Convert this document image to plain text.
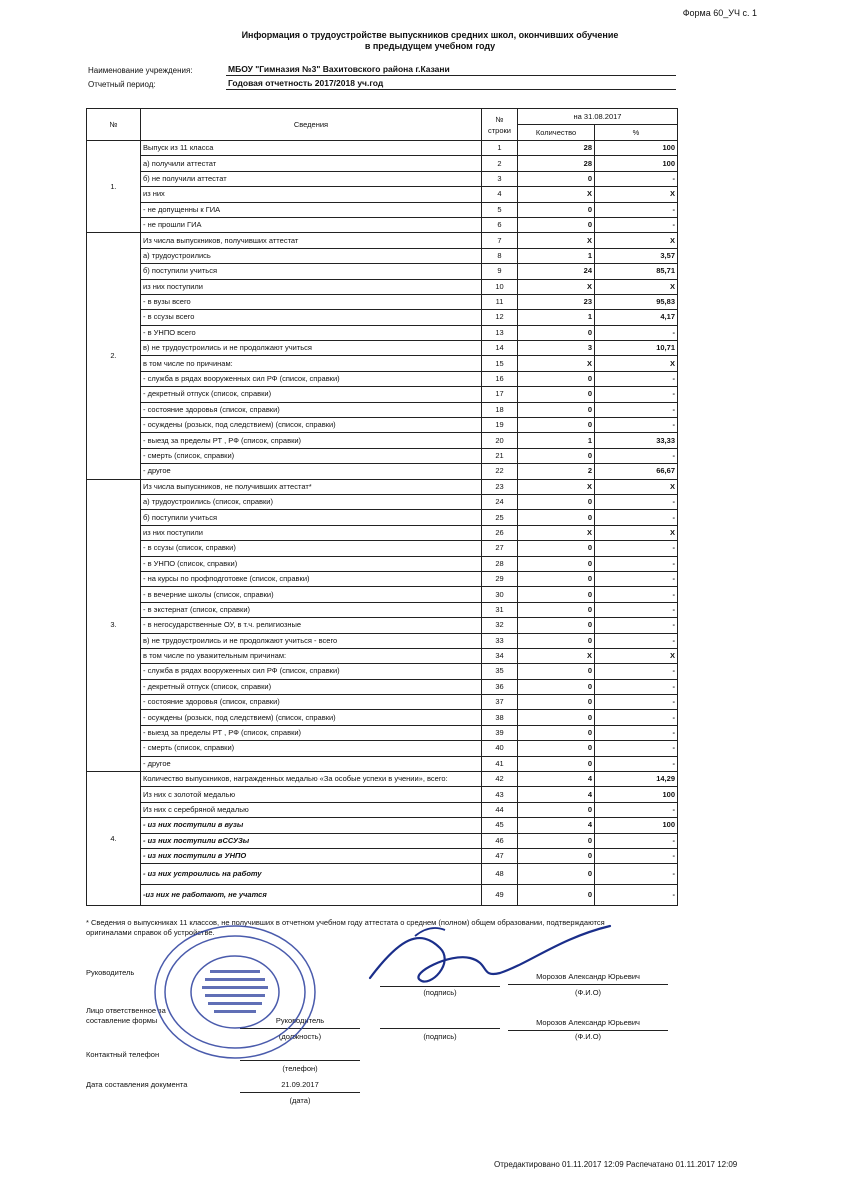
Форма 60_УЧ с. 1
Информация о трудоустройстве выпускников средних школ, окончивших обучение
в предыдущем учебном году
Наименование учреждения:	МБОУ "Гимназия №3" Вахитовского района г.Казани
Отчетный период:	Годовая отчетность 2017/2018 уч.год
№	Сведения	№
строки	на 31.08.2017	
			Количество	%
1.	Выпуск из 11 класса	1	28	100
	а) получили аттестат	2	28	100
	б) не получили аттестат	3	0	-
	из них	4	X	X
	- не допущенны к ГИА	5	0	-
	- не прошли ГИА	6	0	-
2.	Из числа выпускников, получивших аттестат	7	X	X
	а) трудоустроились	8	1	3,57
	б) поступили учиться	9	24	85,71
	из них поступили	10	X	X
	- в вузы всего	11	23	95,83
	- в ссузы всего	12	1	4,17
	- в УНПО всего	13	0	-
	в) не трудоустроились и не продолжают учиться	14	3	10,71
	в том числе по причинам:	15	X	X
	- служба в рядах вооруженных сил РФ (список, справки)	16	0	-
	- декретный отпуск (список, справки)	17	0	-
	- состояние здоровья (список, справки)	18	0	-
	- осуждены (розыск, под следствием) (список, справки)	19	0	-
	- выезд за пределы РТ , РФ (список, справки)	20	1	33,33
	- смерть (список, справки)	21	0	-
	- другое	22	2	66,67
3.	Из числа выпускников, не получивших аттестат*	23	X	X
	а) трудоустроились (список, справки)	24	0	-
	б) поступили учиться	25	0	-
	из них поступили	26	X	X
	- в ссузы (список, справки)	27	0	-
	- в УНПО (список, справки)	28	0	-
	- на курсы по профподготовке (список, справки)	29	0	-
	- в вечерние школы (список, справки)	30	0	-
	- в экстернат (список, справки)	31	0	-
	- в негосударственные ОУ, в т.ч. религиозные	32	0	-
	в) не трудоустроились и не продолжают учиться - всего	33	0	-
	в том числе по уважительным причинам:	34	X	X
	- служба в рядах вооруженных сил РФ (список, справки)	35	0	-
	- декретный отпуск (список, справки)	36	0	-
	- состояние здоровья (список, справки)	37	0	-
	- осуждены (розыск, под следствием) (список, справки)	38	0	-
	- выезд за пределы РТ , РФ (список, справки)	39	0	-
	- смерть (список, справки)	40	0	-
	- другое	41	0	-
4.	Количество выпускников, награжденных медалью «За особые успехи в учении», всего:	42	4	14,29
	Из них с золотой медалью	43	4	100
	Из них с серебряной медалью	44	0	-
	- из них поступили в вузы	45	4	100
	- из них поступили вССУЗы	46	0	-
	- из них поступили в УНПО	47	0	-
	- из них устроились на работу	48	0	-
	-из них не работают, не учатся	49	0	-
* Сведения о выпускниках 11 классов, не получивших в отчетном учебном году аттестата о среднем (полном) общем образовании, подтверждаются оригиналами справок об устройстве.
Руководитель
(подпись)
Морозов Александр Юрьевич
(Ф.И.О)
Лицо ответственное за
составление формы	Руководитель
(должность)	(подпись)
Морозов Александр Юрьевич
(Ф.И.О)
Контактный телефон
(телефон)
Дата составления документа	21.09.2017
(дата)
Отредактировано 01.11.2017 12:09 Распечатано 01.11.2017 12:09
